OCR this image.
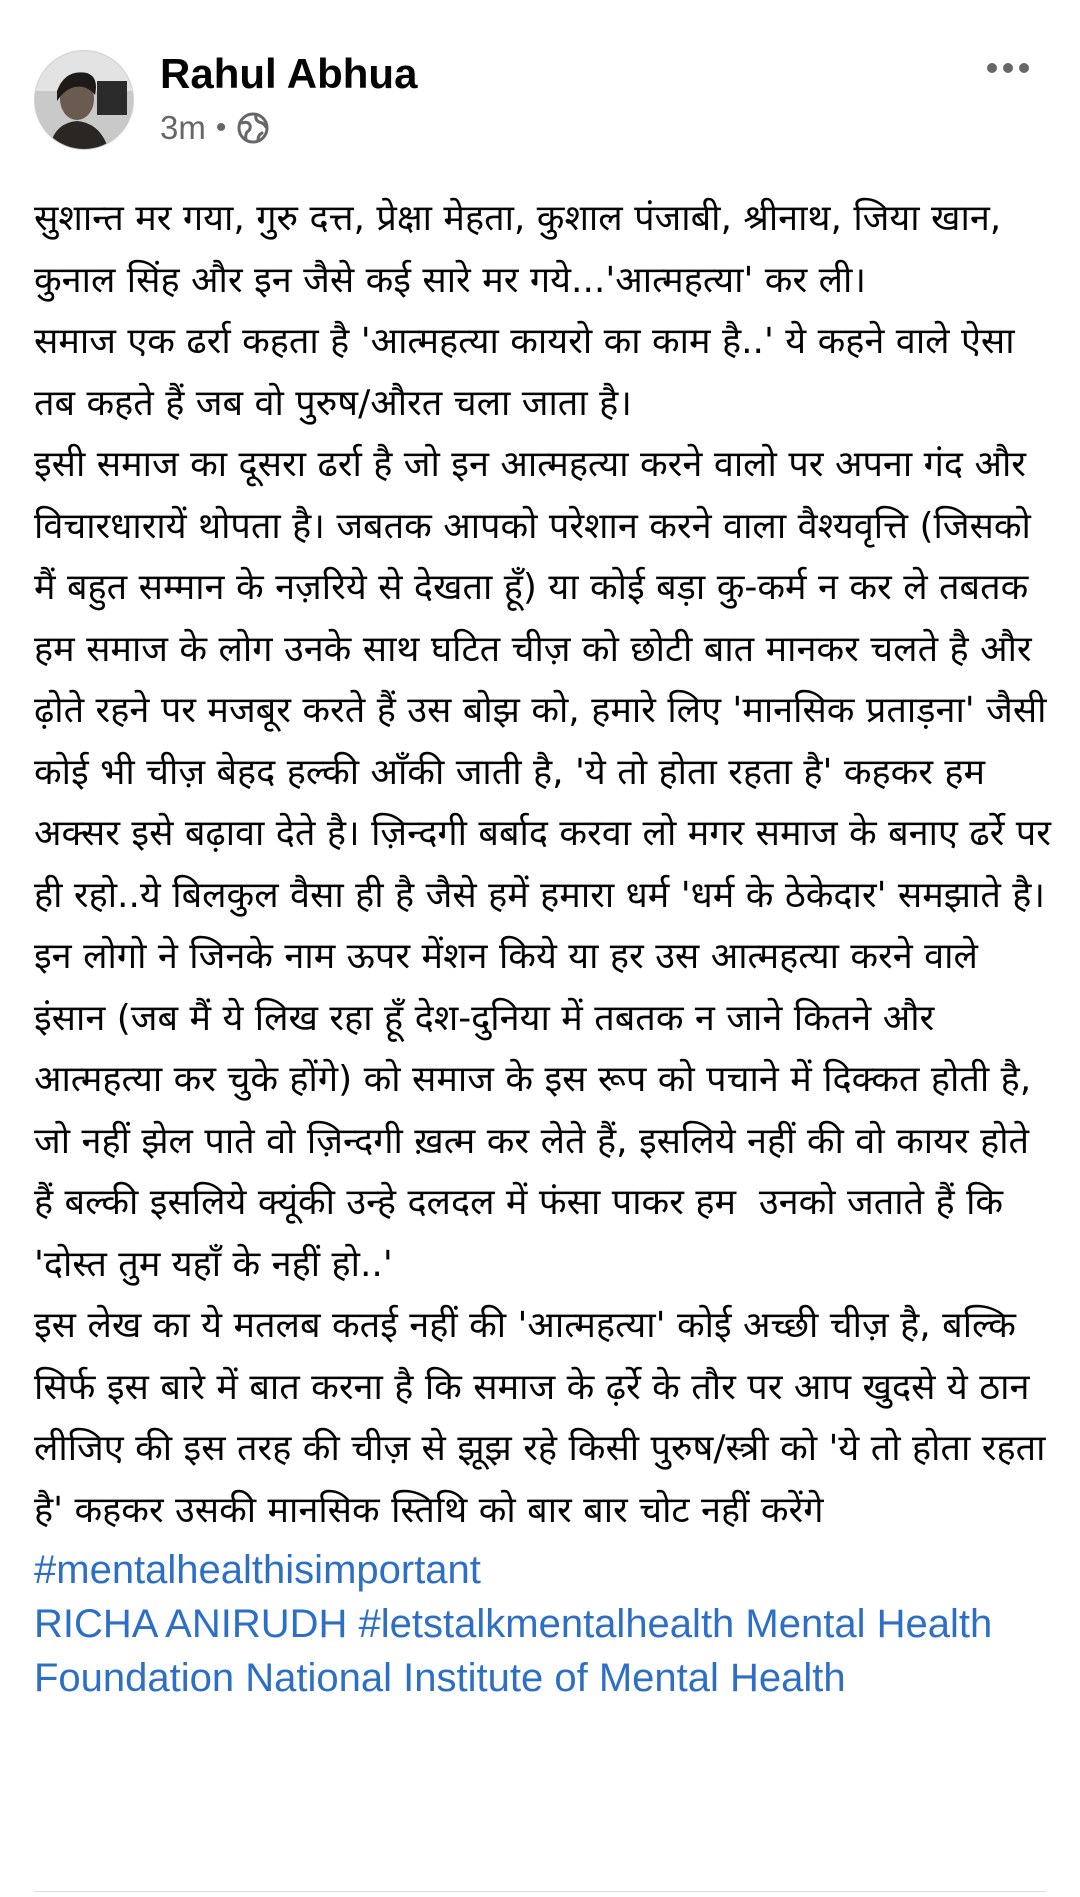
Rahul Abhua
3m •

सुशान्त मर गया, गुरु दत्त, प्रेक्षा मेहता, कुशाल पंजाबी, श्रीनाथ, जिया खान, कुनाल सिंह और इन जैसे कई सारे मर गये...'आत्महत्या' कर ली।

समाज एक ढर्रा कहता है 'आत्महत्या कायरो का काम है..' ये कहने वाले ऐसा तब कहते हैं जब वो पुरुष/औरत चला जाता है।

इसी समाज का दूसरा ढर्रा है जो इन आत्महत्या करने वालो पर अपना गंद और विचारधारायें थोपता है। जबतक आपको परेशान करने वाला वैश्यवृत्ति (जिसको मैं बहुत सम्मान के नज़रिये से देखता हूँ) या कोई बड़ा कु-कर्म न कर ले तबतक हम समाज के लोग उनके साथ घटित चीज़ को छोटी बात मानकर चलते है और ढ़ोते रहने पर मजबूर करते हैं उस बोझ को, हमारे लिए 'मानसिक प्रताड़ना' जैसी कोई भी चीज़ बेहद हल्की आँकी जाती है, 'ये तो होता रहता है' कहकर हम अक्सर इसे बढ़ावा देते है। ज़िन्दगी बर्बाद करवा लो मगर समाज के बनाए ढर्रे पर ही रहो..ये बिलकुल वैसा ही है जैसे हमें हमारा धर्म 'धर्म के ठेकेदार' समझाते है।

इन लोगो ने जिनके नाम ऊपर मेंशन किये या हर उस आत्महत्या करने वाले इंसान (जब मैं ये लिख रहा हूँ देश-दुनिया में तबतक न जाने कितने और आत्महत्या कर चुके होंगे) को समाज के इस रूप को पचाने में दिक्कत होती है, जो नहीं झेल पाते वो ज़िन्दगी ख़त्म कर लेते हैं, इसलिये नहीं की वो कायर होते हैं बल्की इसलिये क्यूंकी उन्हे दलदल में फंसा पाकर हम  उनको जताते हैं कि 'दोस्त तुम यहाँ के नहीं हो..'

इस लेख का ये मतलब कतई नहीं की 'आत्महत्या' कोई अच्छी चीज़ है, बल्कि सिर्फ इस बारे में बात करना है कि समाज के ढ़र्रे के तौर पर आप खुदसे ये ठान लीजिए की इस तरह की चीज़ से झूझ रहे किसी पुरुष/स्त्री को 'ये तो होता रहता है' कहकर उसकी मानसिक स्तिथि को बार बार चोट नहीं करेंगे

#mentalhealthisimportant
RICHA ANIRUDH #letstalkmentalhealth Mental Health Foundation National Institute of Mental Health
